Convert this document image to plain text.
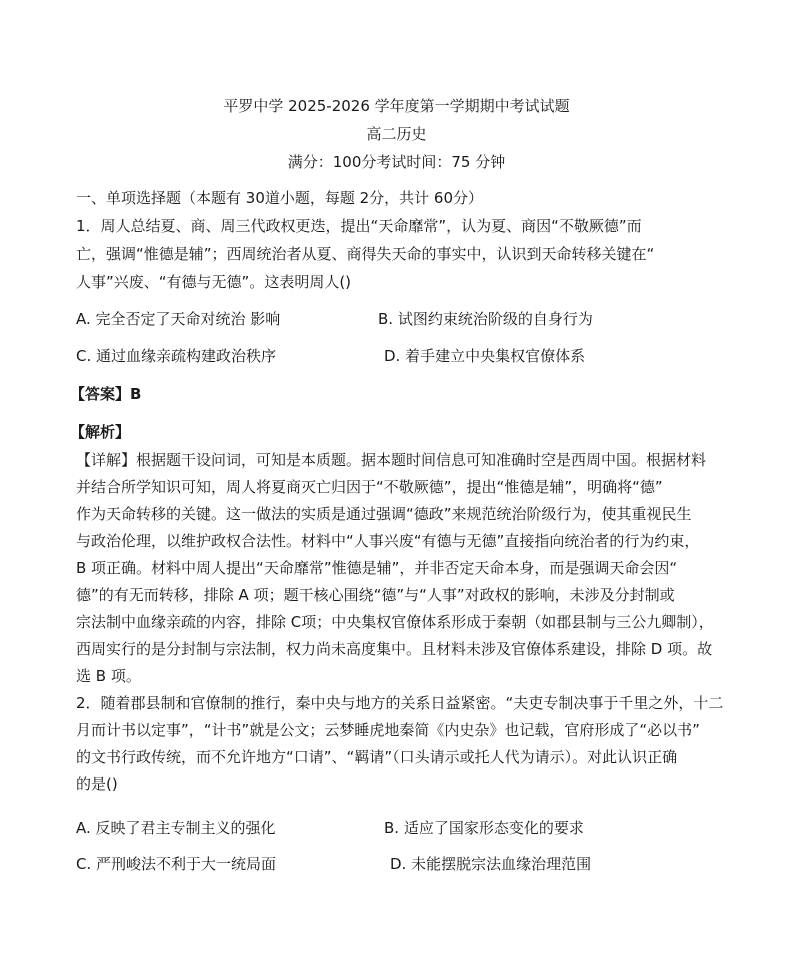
平罗中学 2025-2026 学年度第一学期期中考试试题
高二历史
满分：100分考试时间：75 分钟
一、单项选择题（本题有 30道小题，每题 2分，共计 60分）
1．周人总结夏、商、周三代政权更迭，提出“天命靡常”，认为夏、商因“不敬厥德”而
亡，强调“惟德是辅”；西周统治者从夏、商得失天命的事实中，认识到天命转移关键在“
人事”兴废、“有德与无德”。这表明周人()
A. 完全否定了天命对统治 影响	B. 试图约束统治阶级的自身行为
C. 通过血缘亲疏构建政治秩序	D. 着手建立中央集权官僚体系
【答案】B
【解析】
【详解】根据题干设问词，可知是本质题。据本题时间信息可知准确时空是西周中国。根据材料
并结合所学知识可知，周人将夏商灭亡归因于“不敬厥德”，提出“惟德是辅”，明确将“德”
作为天命转移的关键。这一做法的实质是通过强调“德政”来规范统治阶级行为，使其重视民生
与政治伦理，以维护政权合法性。材料中“人事兴废“有德与无德”直接指向统治者的行为约束，
B 项正确。材料中周人提出“天命靡常”惟德是辅”，并非否定天命本身，而是强调天命会因“
德”的有无而转移，排除 A 项；题干核心围绕“德”与“人事”对政权的影响，未涉及分封制或
宗法制中血缘亲疏的内容，排除 C项；中央集权官僚体系形成于秦朝（如郡县制与三公九卿制），
西周实行的是分封制与宗法制，权力尚未高度集中。且材料未涉及官僚体系建设，排除 D 项。故
选 B 项。
2．随着郡县制和官僚制的推行，秦中央与地方的关系日益紧密。“夫吏专制决事于千里之外，十二
月而计书以定事”，“计书”就是公文；云梦睡虎地秦简《内史杂》也记载，官府形成了“必以书”
的文书行政传统，而不允许地方“口请”、“羁请”（口头请示或托人代为请示）。对此认识正确
的是()
A. 反映了君主专制主义的强化	B. 适应了国家形态变化的要求
C. 严刑峻法不利于大一统局面	D. 未能摆脱宗法血缘治理范围
